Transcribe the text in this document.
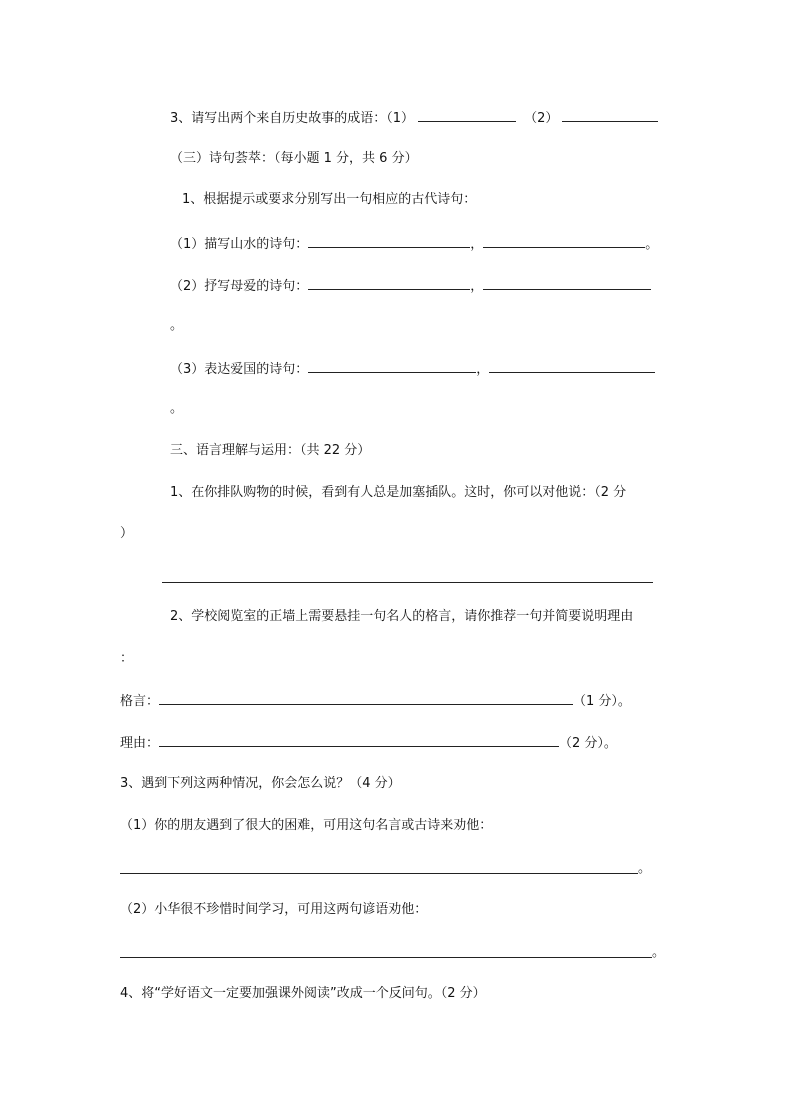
3、请写出两个来自历史故事的成语：（1）	（2）
（三）诗句荟萃：（每小题 1 分，共 6 分）
1、根据提示或要求分别写出一句相应的古代诗句：
（1）描写山水的诗句：	，	。
（2）抒写母爱的诗句：	，
。
（3）表达爱国的诗句：	，
。
三、语言理解与运用：（共 22 分）
1、在你排队购物的时候，看到有人总是加塞插队。这时，你可以对他说：（2 分
）
2、学校阅览室的正墙上需要悬挂一句名人的格言，请你推荐一句并简要说明理由
：
格言：	（1 分）。
理由：	（2 分）。
3、遇到下列这两种情况，你会怎么说？（4 分）
（1）你的朋友遇到了很大的困难，可用这句名言或古诗来劝他：
。
（2）小华很不珍惜时间学习，可用这两句谚语劝他：
。
4、将“学好语文一定要加强课外阅读”改成一个反问句。（2 分）
